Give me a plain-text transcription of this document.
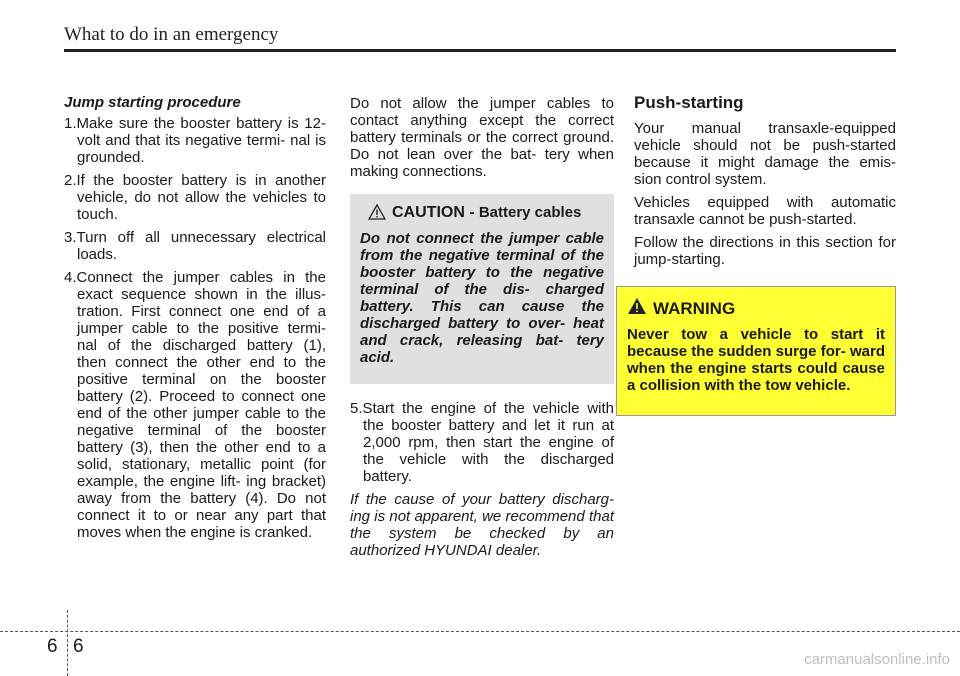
What to do in an emergency
Jump starting procedure
1.Make sure the booster battery is 12-volt and that its negative termi- nal is grounded.
2.If the booster battery is in another vehicle, do not allow the vehicles to touch.
3.Turn off all unnecessary electrical loads.
4.Connect the jumper cables in the exact sequence shown in the illus- tration. First connect one end of a jumper cable to the positive termi- nal of the discharged battery (1), then connect the other end to the positive terminal on the booster battery (2). Proceed to connect one end of the other jumper cable to the negative terminal of the booster battery (3), then the other end to a solid, stationary, metallic point (for example, the engine lift- ing bracket) away from the battery (4). Do not connect it to or near any part that moves when the engine is cranked.

Do not allow the jumper cables to contact anything except the correct battery terminals or the correct ground. Do not lean over the bat- tery when making connections.

CAUTION - Battery cables
Do not connect the jumper cable from the negative terminal of the booster battery to the negative terminal of the dis- charged battery. This can cause the discharged battery to over- heat and crack, releasing bat- tery acid.
5.Start the engine of the vehicle with the booster battery and let it run at 2,000 rpm, then start the engine of the vehicle with the discharged battery.
If the cause of your battery discharg- ing is not apparent, we recommend that the system be checked by an authorized HYUNDAI dealer.
Push-starting

Your manual transaxle-equipped vehicle should not be push-started because it might damage the emis- sion control system.

Vehicles equipped with automatic transaxle cannot be push-started.

Follow the directions in this section for jump-starting.

WARNING
Never tow a vehicle to start it because the sudden surge for- ward when the engine starts could cause a collision with the tow vehicle.
6 6
carmanualsonline.info
